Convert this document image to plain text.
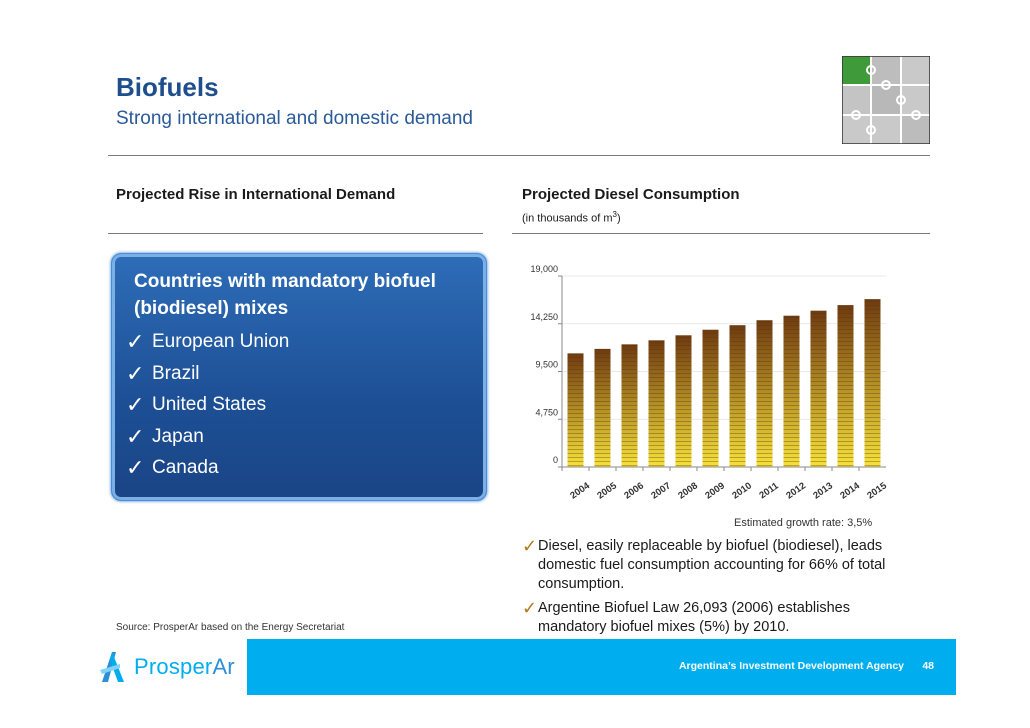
Biofuels
Strong international and domestic demand
Projected Rise in International Demand
Countries with mandatory biofuel (biodiesel) mixes
✓ European Union
✓ Brazil
✓ United States
✓ Japan
✓ Canada
Projected Diesel Consumption
(in thousands of $m^3$)
0
4,750
9,500
14,250
19,000
2004 2005 2006 2007 2008 2009 2010 2011 2012 2013 2014 2015
Estimated growth rate: 3,5%
✓ Diesel, easily replaceable by biofuel (biodiesel), leads domestic fuel consumption accounting for 66% of total consumption.
✓ Argentine Biofuel Law 26,093 (2006) establishes mandatory biofuel mixes (5%) by 2010.
Source: ProsperAr based on the Energy Secretariat
ProsperAr	Argentina’s Investment Development Agency 48
